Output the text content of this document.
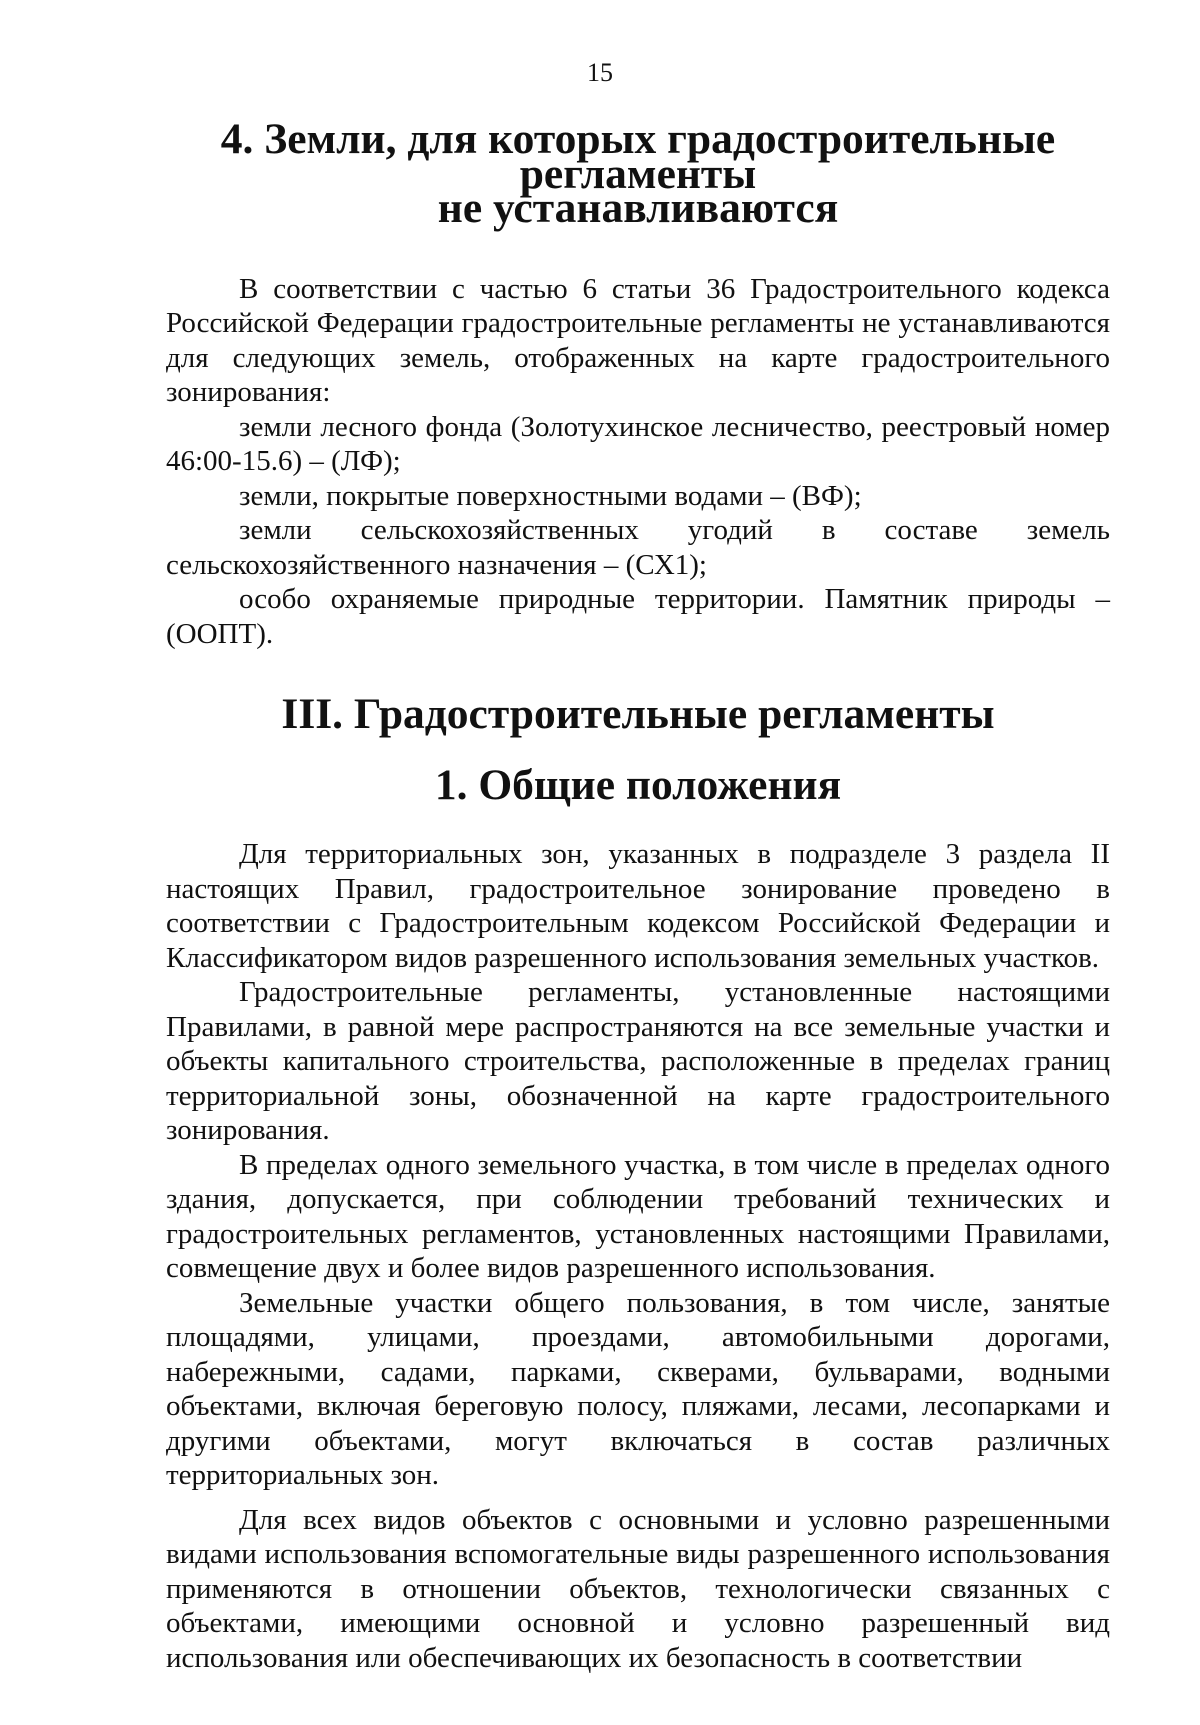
15
4. Земли, для которых градостроительные регламенты
не устанавливаются

В соответствии с частью 6 статьи 36 Градостроительного кодекса Российской Федерации градостроительные регламенты не устанавливаются для следующих земель, отображенных на карте градостроительного зонирования:

земли лесного фонда (Золотухинское лесничество, реестровый номер 46:00-15.6) – (ЛФ);

земли, покрытые поверхностными водами – (ВФ);

земли сельскохозяйственных угодий в составе земель сельскохозяйственного назначения – (СХ1);

особо охраняемые природные территории. Памятник природы – (ООПТ).

III. Градостроительные регламенты
1. Общие положения

Для территориальных зон, указанных в подразделе 3 раздела II настоящих Правил, градостроительное зонирование проведено в соответствии с Градостроительным кодексом Российской Федерации и Классификатором видов разрешенного использования земельных участков.

Градостроительные регламенты, установленные настоящими Правилами, в равной мере распространяются на все земельные участки и объекты капитального строительства, расположенные в пределах границ территориальной зоны, обозначенной на карте градостроительного зонирования.

В пределах одного земельного участка, в том числе в пределах одного здания, допускается, при соблюдении требований технических и градостроительных регламентов, установленных настоящими Правилами, совмещение двух и более видов разрешенного использования.

Земельные участки общего пользования, в том числе, занятые площадями, улицами, проездами, автомобильными дорогами, набережными, садами, парками, скверами, бульварами, водными объектами, включая береговую полосу, пляжами, лесами, лесопарками и другими объектами, могут включаться в состав различных территориальных зон.

Для всех видов объектов с основными и условно разрешенными видами использования вспомогательные виды разрешенного использования применяются в отношении объектов, технологически связанных с объектами, имеющими основной и условно разрешенный вид использования или обеспечивающих их безопасность в соответствии
